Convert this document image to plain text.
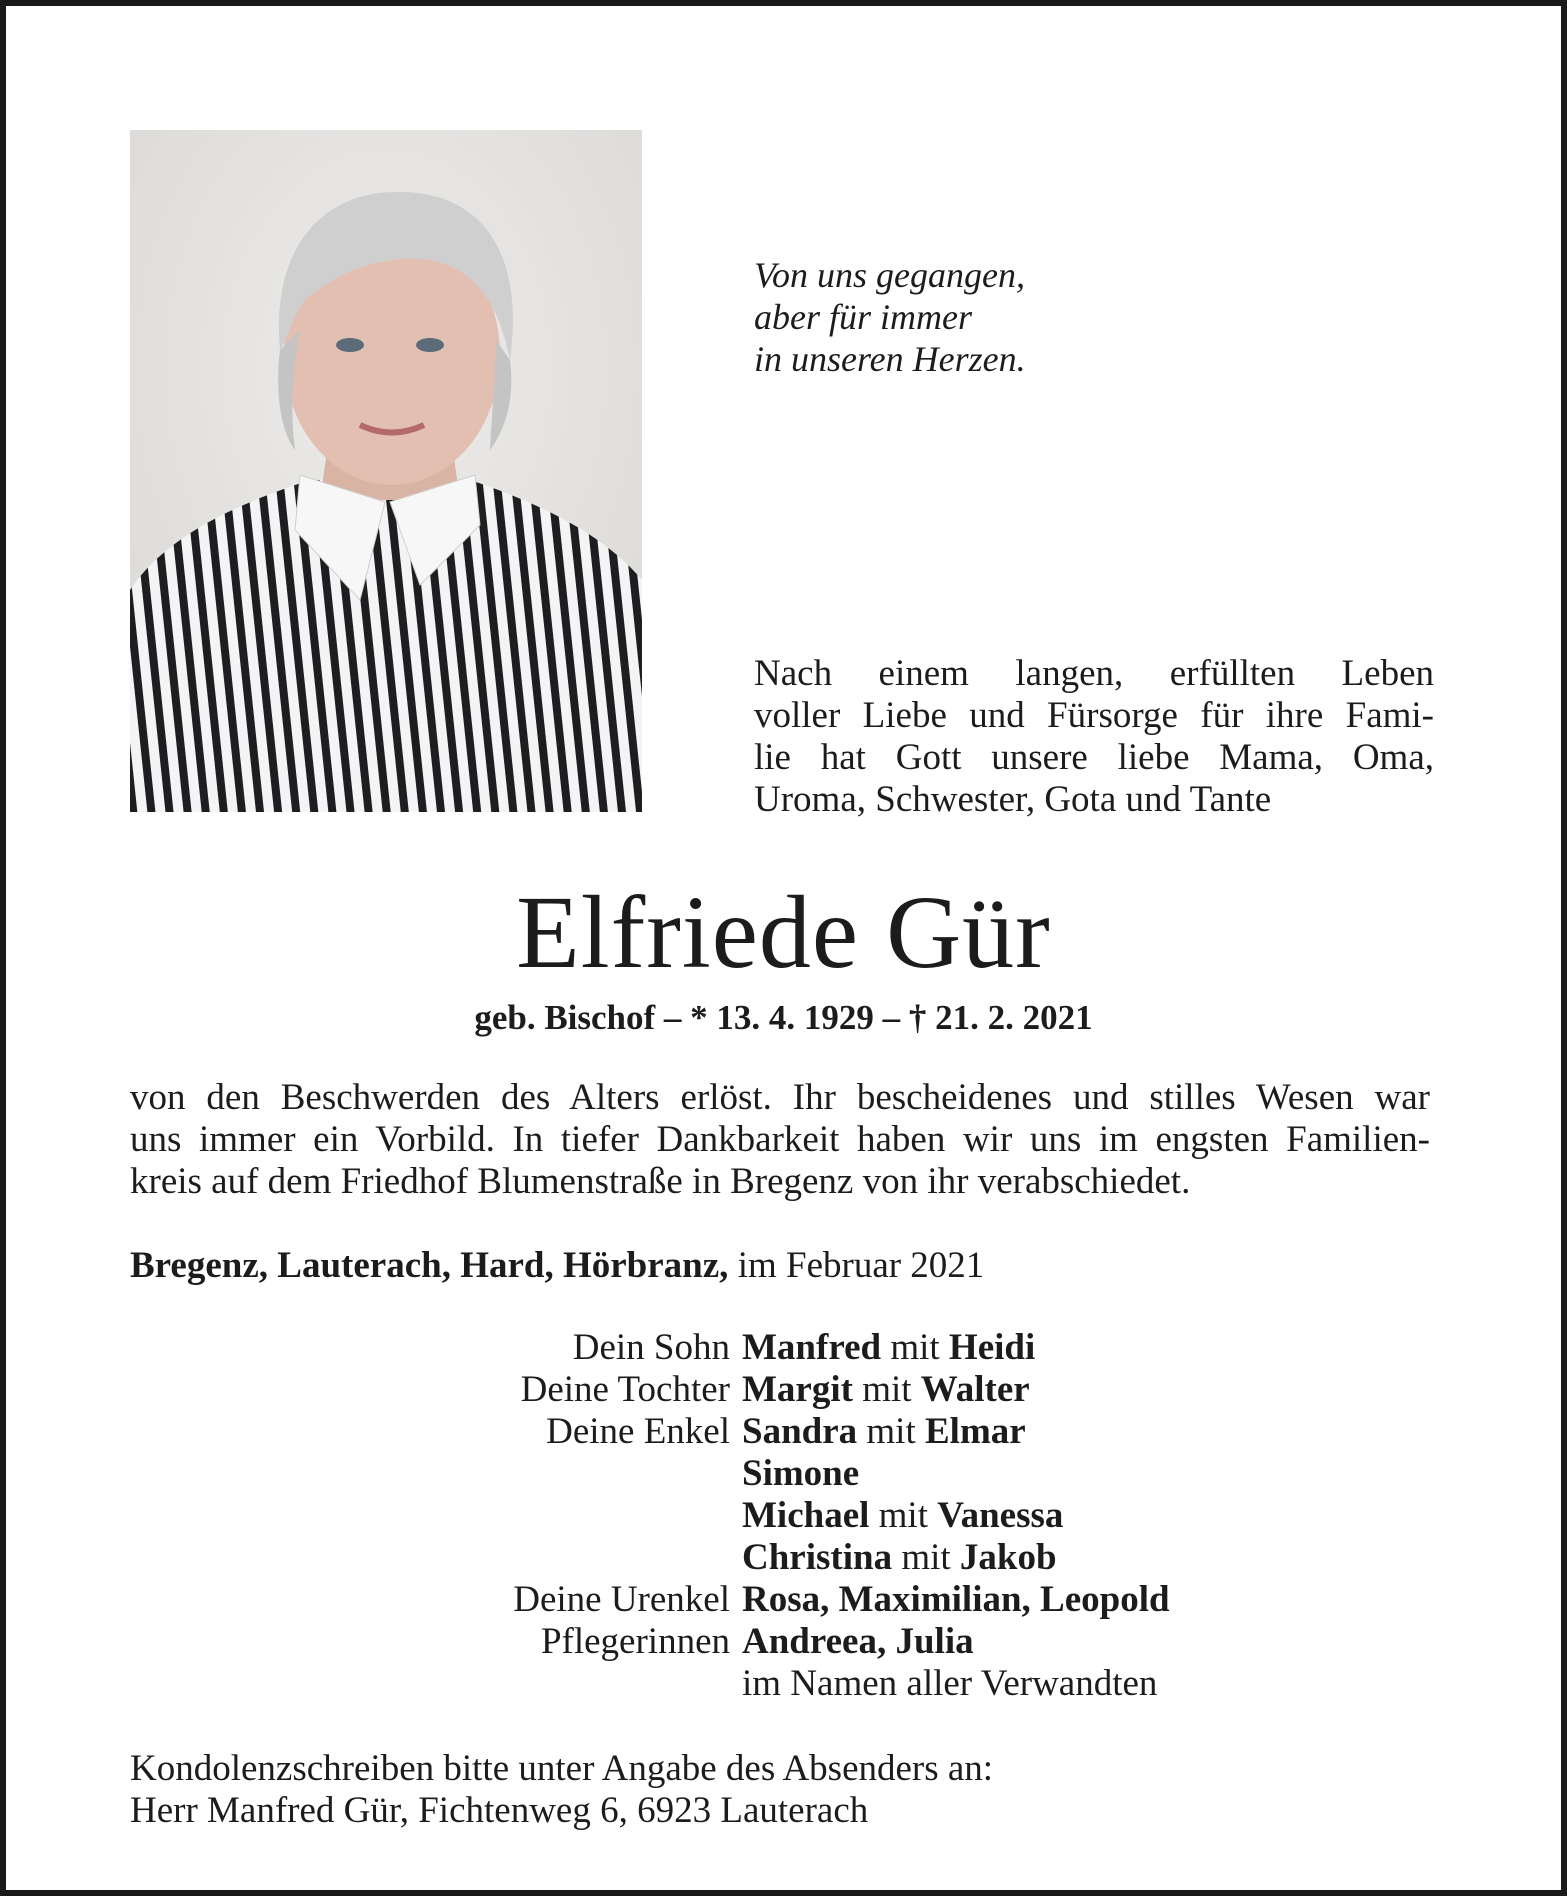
Von uns gegangen,
aber für immer
in unseren Herzen.

Nach einem langen, erfüllten Leben
voller Liebe und Fürsorge für ihre Fami-
lie hat Gott unsere liebe Mama, Oma,
Uroma, Schwester, Gota und Tante

Elfriede Gür

geb. Bischof – * 13. 4. 1929 – † 21. 2. 2021

von den Beschwerden des Alters erlöst. Ihr bescheidenes und stilles Wesen war
uns immer ein Vorbild. In tiefer Dankbarkeit haben wir uns im engsten Familien-
kreis auf dem Friedhof Blumenstraße in Bregenz von ihr verabschiedet.

Bregenz, Lauterach, Hard, Hörbranz, im Februar 2021

Dein Sohn Manfred mit Heidi
Deine Tochter Margit mit Walter
Deine Enkel Sandra mit Elmar
Simone
Michael mit Vanessa
Christina mit Jakob
Deine Urenkel Rosa, Maximilian, Leopold
Pflegerinnen Andreea, Julia
im Namen aller Verwandten

Kondolenzschreiben bitte unter Angabe des Absenders an:
Herr Manfred Gür, Fichtenweg 6, 6923 Lauterach
